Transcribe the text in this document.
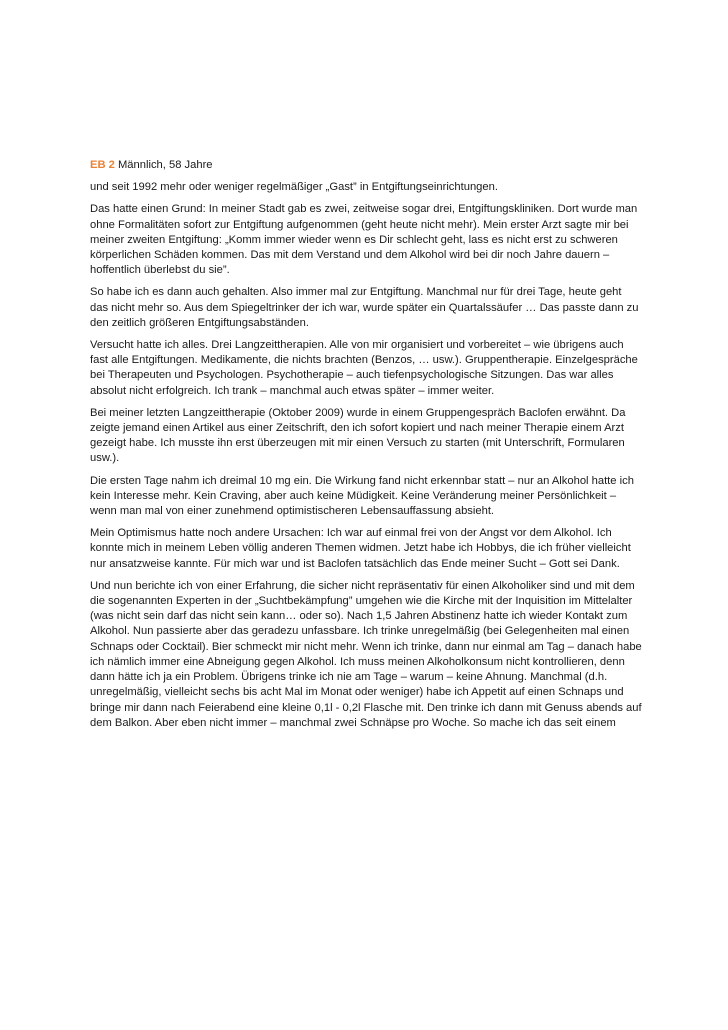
EB 2 Männlich, 58 Jahre

und seit 1992 mehr oder weniger regelmäßiger „Gast” in Entgiftungseinrichtungen.

Das hatte einen Grund: In meiner Stadt gab es zwei, zeitweise sogar drei, Entgiftungskliniken. Dort wurde man ohne Formalitäten sofort zur Entgiftung aufgenommen (geht heute nicht mehr). Mein erster Arzt sagte mir bei meiner zweiten Entgiftung: „Komm immer wieder wenn es Dir schlecht geht, lass es nicht erst zu schweren körperlichen Schäden kommen. Das mit dem Verstand und dem Alkohol wird bei dir noch Jahre dauern – hoffentlich überlebst du sie”.

So habe ich es dann auch gehalten. Also immer mal zur Entgiftung. Manchmal nur für drei Tage, heute geht das nicht mehr so. Aus dem Spiegeltrinker der ich war, wurde später ein Quartalssäufer … Das passte dann zu den zeitlich größeren Entgiftungsabständen.

Versucht hatte ich alles. Drei Langzeittherapien. Alle von mir organisiert und vorbereitet – wie übrigens auch fast alle Entgiftungen. Medikamente, die nichts brachten (Benzos, … usw.). Gruppentherapie. Einzelgespräche bei Therapeuten und Psychologen. Psychotherapie – auch tiefenpsychologische Sitzungen. Das war alles absolut nicht erfolgreich. Ich trank – manchmal auch etwas später – immer weiter.

Bei meiner letzten Langzeittherapie (Oktober 2009) wurde in einem Gruppengespräch Baclofen erwähnt. Da zeigte jemand einen Artikel aus einer Zeitschrift, den ich sofort kopiert und nach meiner Therapie einem Arzt gezeigt habe. Ich musste ihn erst überzeugen mit mir einen Versuch zu starten (mit Unterschrift, Formularen usw.).

Die ersten Tage nahm ich dreimal 10 mg ein. Die Wirkung fand nicht erkennbar statt – nur an Alkohol hatte ich kein Interesse mehr. Kein Craving, aber auch keine Müdigkeit. Keine Veränderung meiner Persönlichkeit – wenn man mal von einer zunehmend optimistischeren Lebensauffassung absieht.

Mein Optimismus hatte noch andere Ursachen: Ich war auf einmal frei von der Angst vor dem Alkohol. Ich konnte mich in meinem Leben völlig anderen Themen widmen. Jetzt habe ich Hobbys, die ich früher vielleicht nur ansatzweise kannte. Für mich war und ist Baclofen tatsächlich das Ende meiner Sucht – Gott sei Dank.

Und nun berichte ich von einer Erfahrung, die sicher nicht repräsentativ für einen Alkoholiker sind und mit dem die sogenannten Experten in der „Suchtbekämpfung” umgehen wie die Kirche mit der Inquisition im Mittelalter (was nicht sein darf das nicht sein kann… oder so). Nach 1,5 Jahren Abstinenz hatte ich wieder Kontakt zum Alkohol. Nun passierte aber das geradezu unfassbare. Ich trinke unregelmäßig (bei Gelegenheiten mal einen Schnaps oder Cocktail). Bier schmeckt mir nicht mehr. Wenn ich trinke, dann nur einmal am Tag – danach habe ich nämlich immer eine Abneigung gegen Alkohol. Ich muss meinen Alkoholkonsum nicht kontrollieren, denn dann hätte ich ja ein Problem. Übrigens trinke ich nie am Tage – warum – keine Ahnung. Manchmal (d.h. unregelmäßig, vielleicht sechs bis acht Mal im Monat oder weniger) habe ich Appetit auf einen Schnaps und bringe mir dann nach Feierabend eine kleine 0,1l - 0,2l Flasche mit. Den trinke ich dann mit Genuss abends auf dem Balkon. Aber eben nicht immer – manchmal zwei Schnäpse pro Woche. So mache ich das seit einem
